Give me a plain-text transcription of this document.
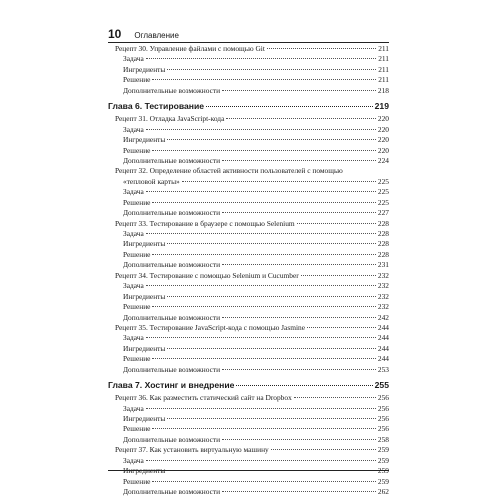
10 Оглавление
Рецепт 30. Управление файлами с помощью Git	211
Задача	211
Ингредиенты	211
Решение	211
Дополнительные возможности	218
Глава 6. Тестирование	219
Рецепт 31. Отладка JavaScript-кода	220
Задача	220
Ингредиенты	220
Решение	220
Дополнительные возможности	224
Рецепт 32. Определение областей активности пользователей с помощью
«тепловой карты»	225
Задача	225
Решение	225
Дополнительные возможности	227
Рецепт 33. Тестирование в браузере с помощью Selenium	228
Задача	228
Ингредиенты	228
Решение	228
Дополнительные возможности	231
Рецепт 34. Тестирование с помощью Selenium и Cucumber	232
Задача	232
Ингредиенты	232
Решение	232
Дополнительные возможности	242
Рецепт 35. Тестирование JavaScript-кода с помощью Jasmine	244
Задача	244
Ингредиенты	244
Решение	244
Дополнительные возможности	253
Глава 7. Хостинг и внедрение	255
Рецепт 36. Как разместить статический сайт на Dropbox	256
Задача	256
Ингредиенты	256
Решение	256
Дополнительные возможности	258
Рецепт 37. Как установить виртуальную машину	259
Задача	259
Ингредиенты	259
Решение	259
Дополнительные возможности	262
